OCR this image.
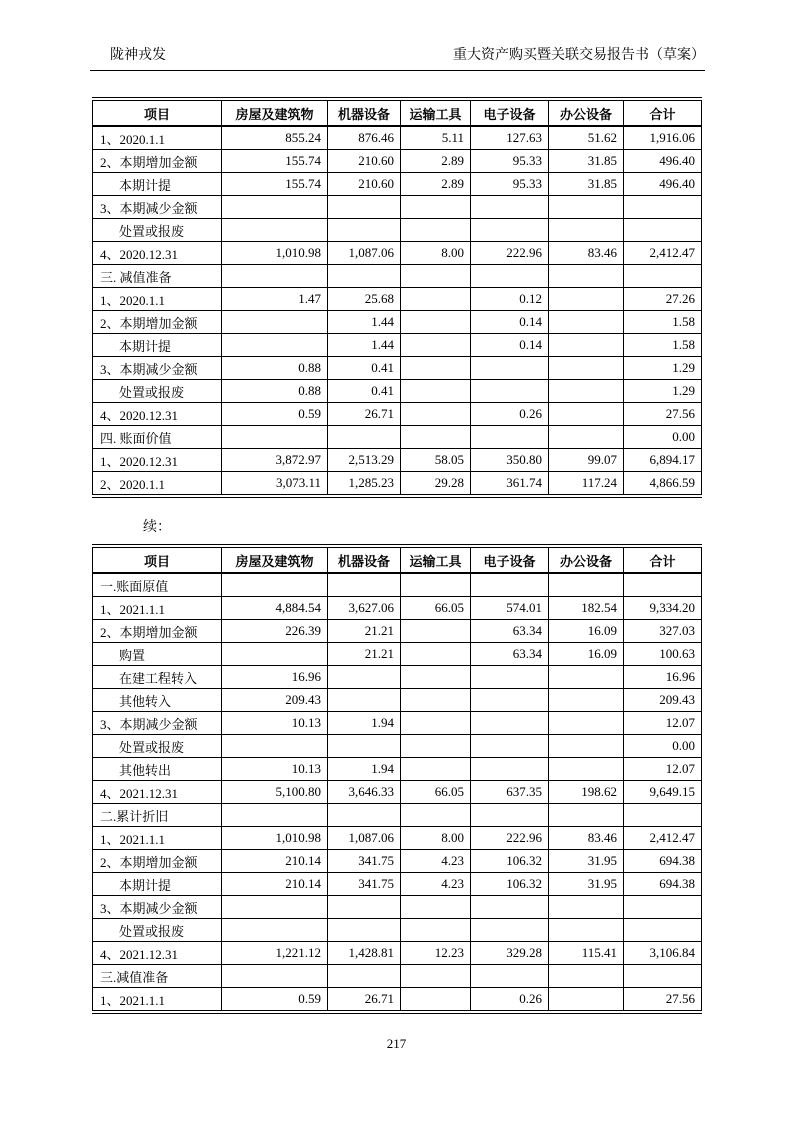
陇神戎发	重大资产购买暨关联交易报告书（草案）
项目	房屋及建筑物	机器设备	运输工具	电子设备	办公设备	合计
1、2020.1.1	855.24	876.46	5.11	127.63	51.62	1,916.06
2、本期增加金额	155.74	210.60	2.89	95.33	31.85	496.40
本期计提	155.74	210.60	2.89	95.33	31.85	496.40
3、本期减少金额						
处置或报废						
4、2020.12.31	1,010.98	1,087.06	8.00	222.96	83.46	2,412.47
三. 减值准备						
1、2020.1.1	1.47	25.68		0.12		27.26
2、本期增加金额		1.44		0.14		1.58
本期计提		1.44		0.14		1.58
3、本期减少金额	0.88	0.41				1.29
处置或报废	0.88	0.41				1.29
4、2020.12.31	0.59	26.71		0.26		27.56
四. 账面价值						0.00
1、2020.12.31	3,872.97	2,513.29	58.05	350.80	99.07	6,894.17
2、2020.1.1	3,073.11	1,285.23	29.28	361.74	117.24	4,866.59
续：
项目	房屋及建筑物	机器设备	运输工具	电子设备	办公设备	合计
一.账面原值						
1、2021.1.1	4,884.54	3,627.06	66.05	574.01	182.54	9,334.20
2、本期增加金额	226.39	21.21		63.34	16.09	327.03
购置		21.21		63.34	16.09	100.63
在建工程转入	16.96					16.96
其他转入	209.43					209.43
3、本期减少金额	10.13	1.94				12.07
处置或报废						0.00
其他转出	10.13	1.94				12.07
4、2021.12.31	5,100.80	3,646.33	66.05	637.35	198.62	9,649.15
二.累计折旧						
1、2021.1.1	1,010.98	1,087.06	8.00	222.96	83.46	2,412.47
2、本期增加金额	210.14	341.75	4.23	106.32	31.95	694.38
本期计提	210.14	341.75	4.23	106.32	31.95	694.38
3、本期减少金额						
处置或报废						
4、2021.12.31	1,221.12	1,428.81	12.23	329.28	115.41	3,106.84
三.减值准备						
1、2021.1.1	0.59	26.71		0.26		27.56
217
